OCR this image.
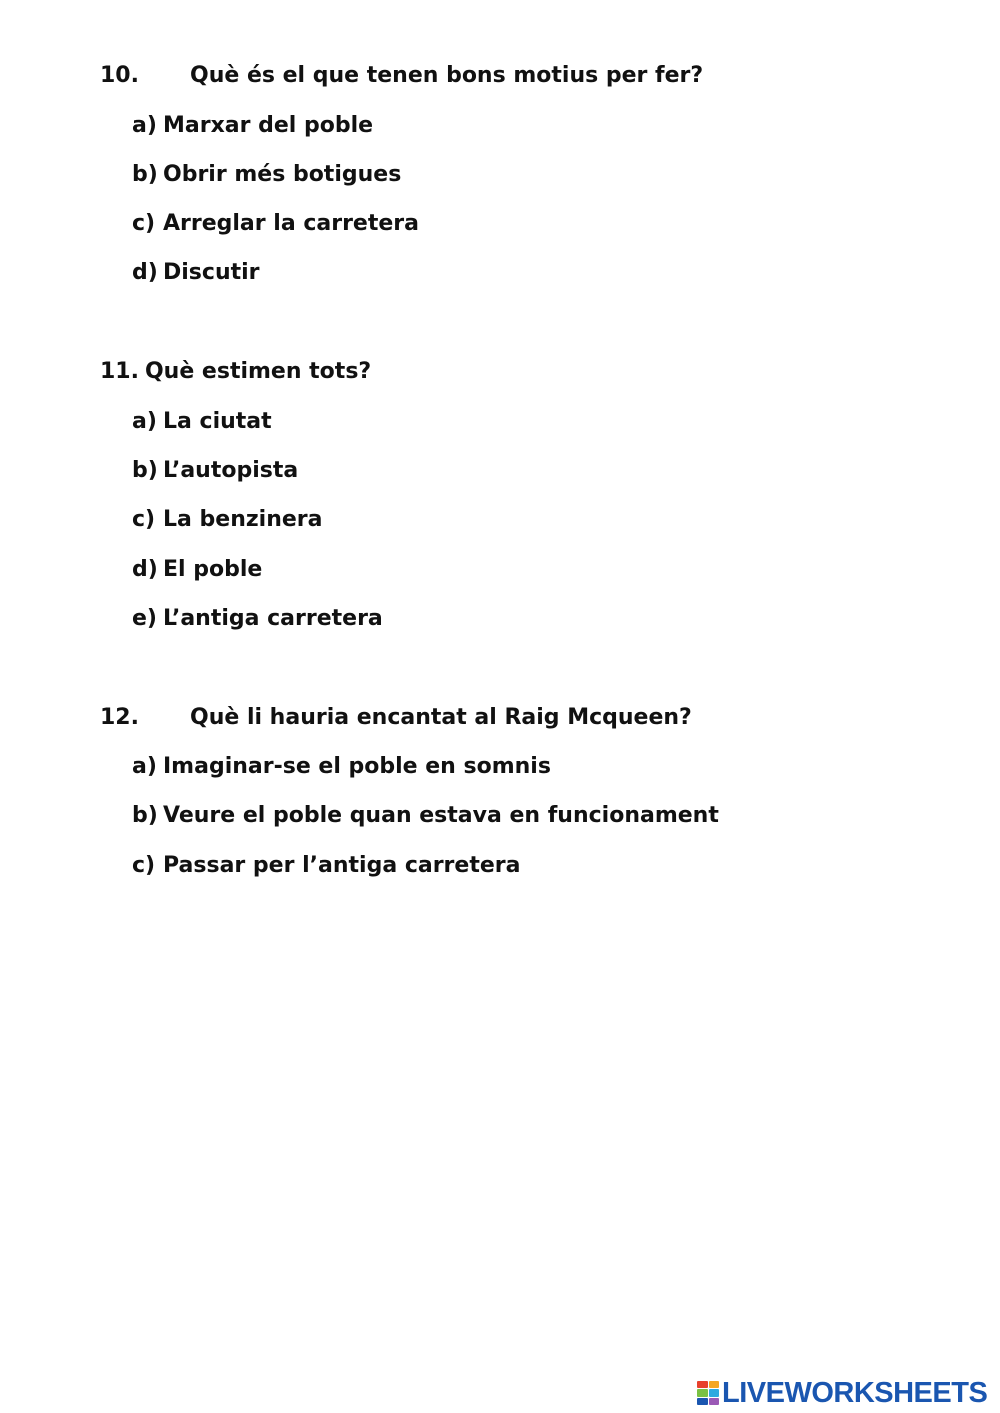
10. Què és el que tenen bons motius per fer?
a) Marxar del poble
b) Obrir més botigues
c) Arreglar la carretera
d) Discutir
11. Què estimen tots?
a) La ciutat
b) L’autopista
c) La benzinera
d) El poble
e) L’antiga carretera
12. Què li hauria encantat al Raig Mcqueen?
a) Imaginar-se el poble en somnis
b) Veure el poble quan estava en funcionament
c) Passar per l’antiga carretera
LIVEWORKSHEETS
